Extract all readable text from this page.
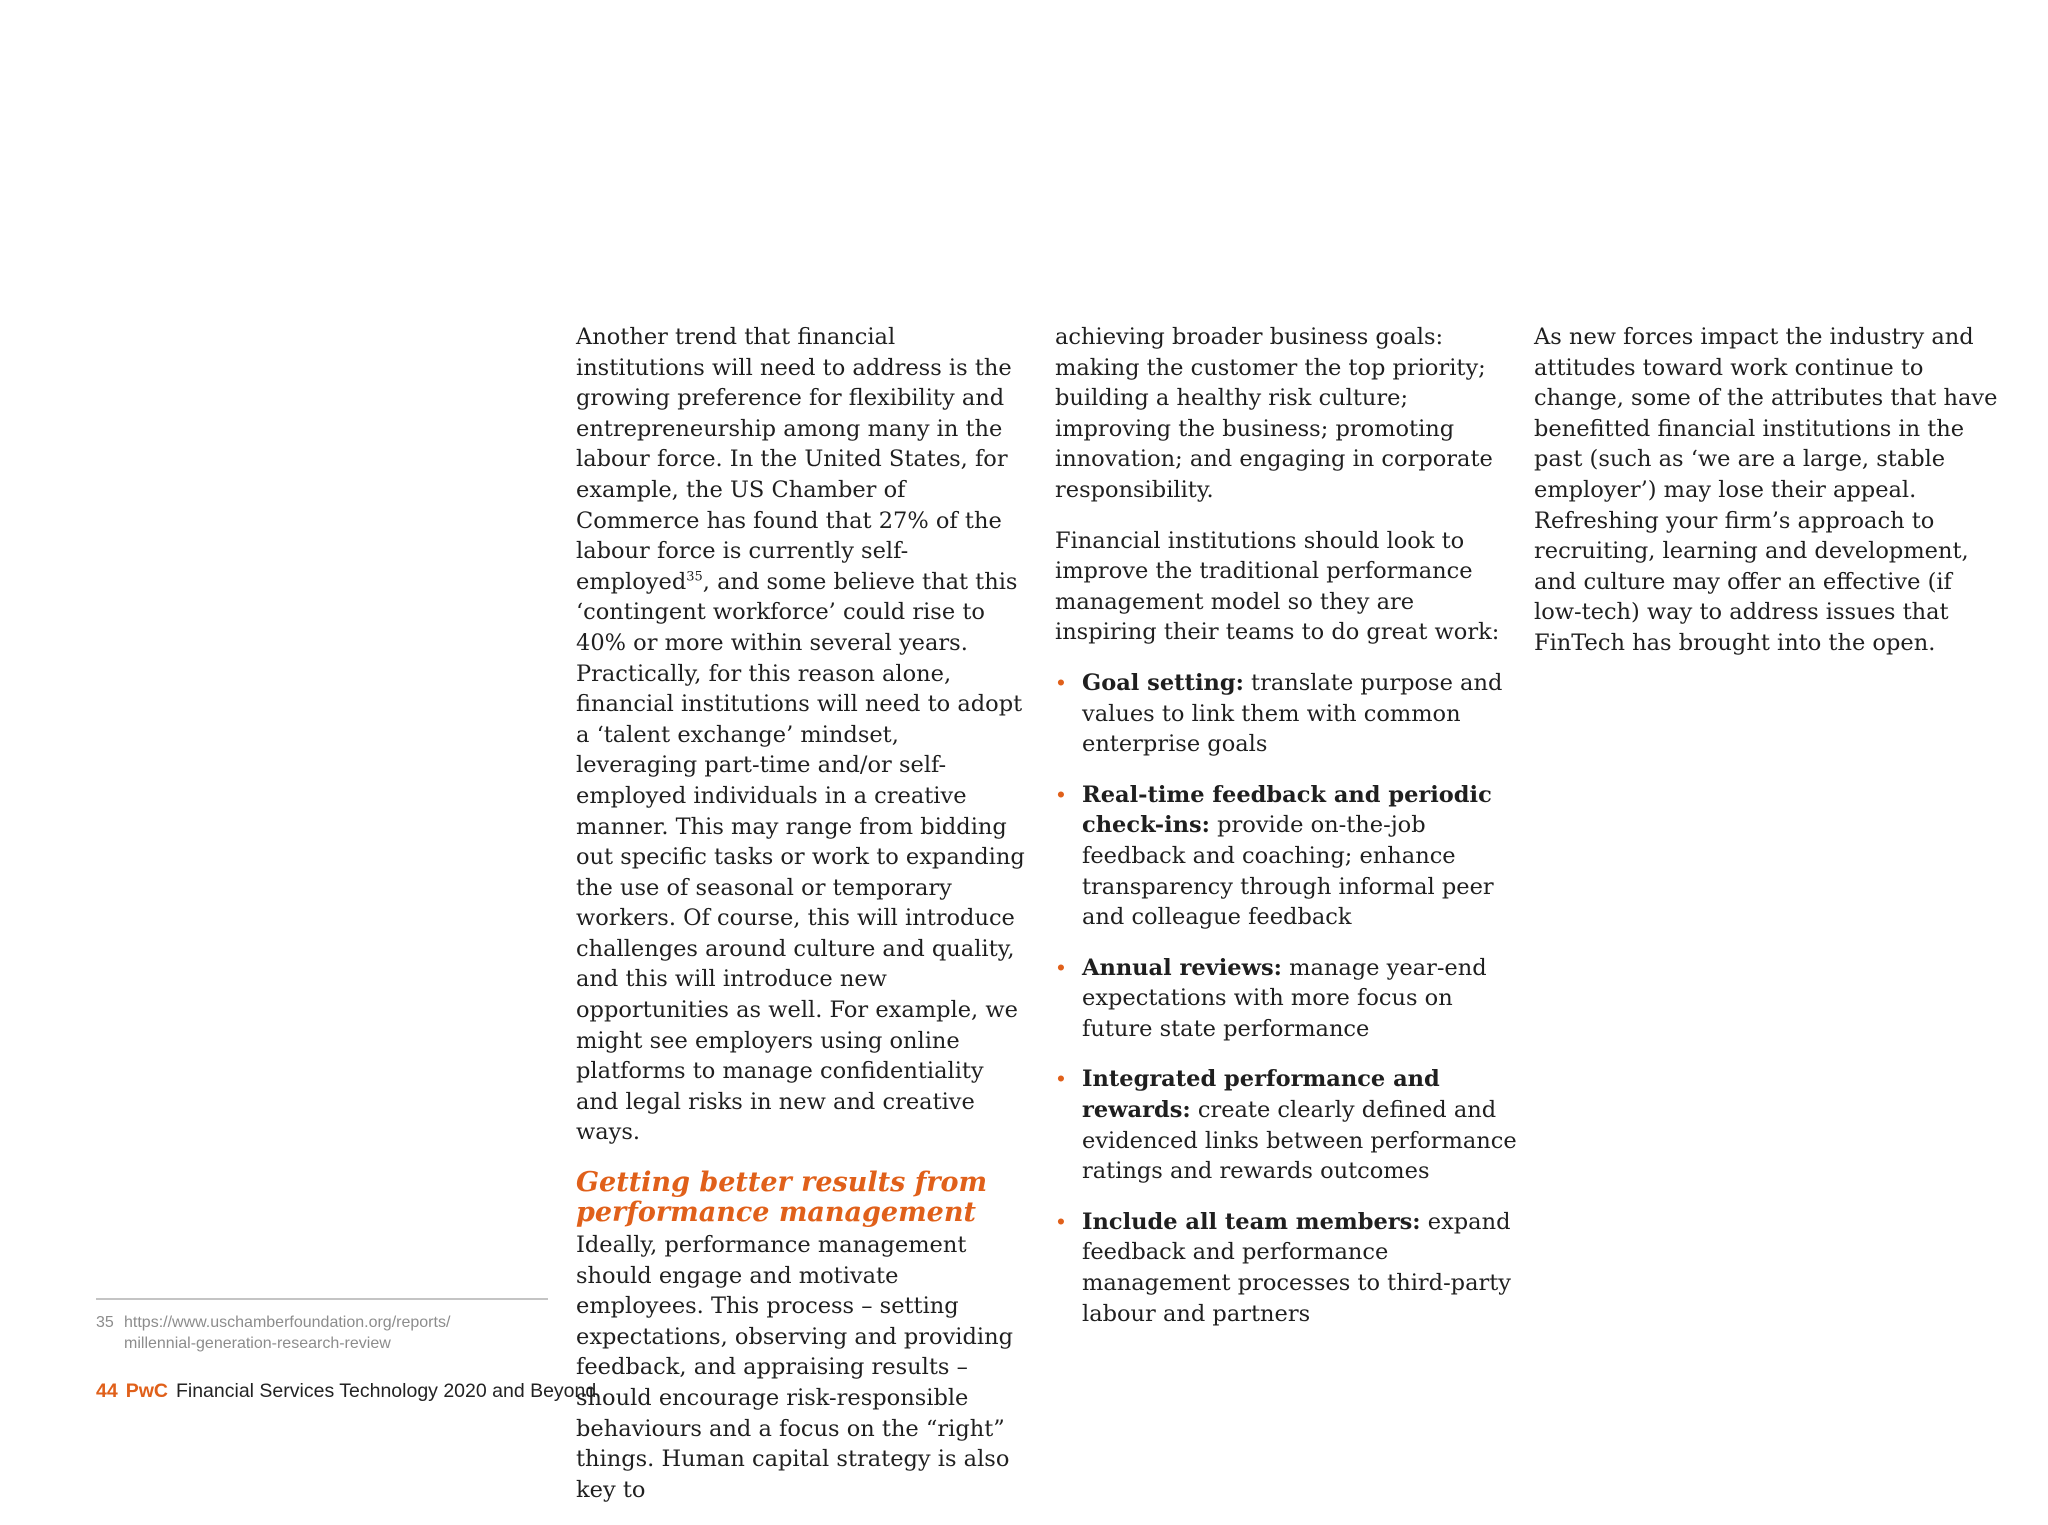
Another trend that financial institutions will need to address is the growing preference for flexibility and entrepreneurship among many in the labour force. In the United States, for example, the US Chamber of Commerce has found that 27% of the labour force is currently self-employed$^{35}$, and some believe that this ‘contingent workforce’ could rise to 40% or more within several years. Practically, for this reason alone, financial institutions will need to adopt a ‘talent exchange’ mindset, leveraging part-time and/or self-employed individuals in a creative manner. This may range from bidding out specific tasks or work to expanding the use of seasonal or temporary workers. Of course, this will introduce challenges around culture and quality, and this will introduce new opportunities as well. For example, we might see employers using online platforms to manage confidentiality and legal risks in new and creative ways.

Getting better results from performance management

Ideally, performance management should engage and motivate employees. This process – setting expectations, observing and providing feedback, and appraising results – should encourage risk-responsible behaviours and a focus on the “right” things. Human capital strategy is also key to

achieving broader business goals: making the customer the top priority; building a healthy risk culture; improving the business; promoting innovation; and engaging in corporate responsibility.

Financial institutions should look to improve the traditional performance management model so they are inspiring their teams to do great work:

• Goal setting: translate purpose and values to link them with common enterprise goals
• Real-time feedback and periodic check-ins: provide on-the-job feedback and coaching; enhance transparency through informal peer and colleague feedback
• Annual reviews: manage year-end expectations with more focus on future state performance
• Integrated performance and rewards: create clearly defined and evidenced links between performance ratings and rewards outcomes
• Include all team members: expand feedback and performance management processes to third-party labour and partners

As new forces impact the industry and attitudes toward work continue to change, some of the attributes that have benefitted financial institutions in the past (such as ‘we are a large, stable employer’) may lose their appeal. Refreshing your firm’s approach to recruiting, learning and development, and culture may offer an effective (if low-tech) way to address issues that FinTech has brought into the open.

35 https://www.uschamberfoundation.org/reports/
millennial-generation-research-review
44 PwC Financial Services Technology 2020 and Beyond
